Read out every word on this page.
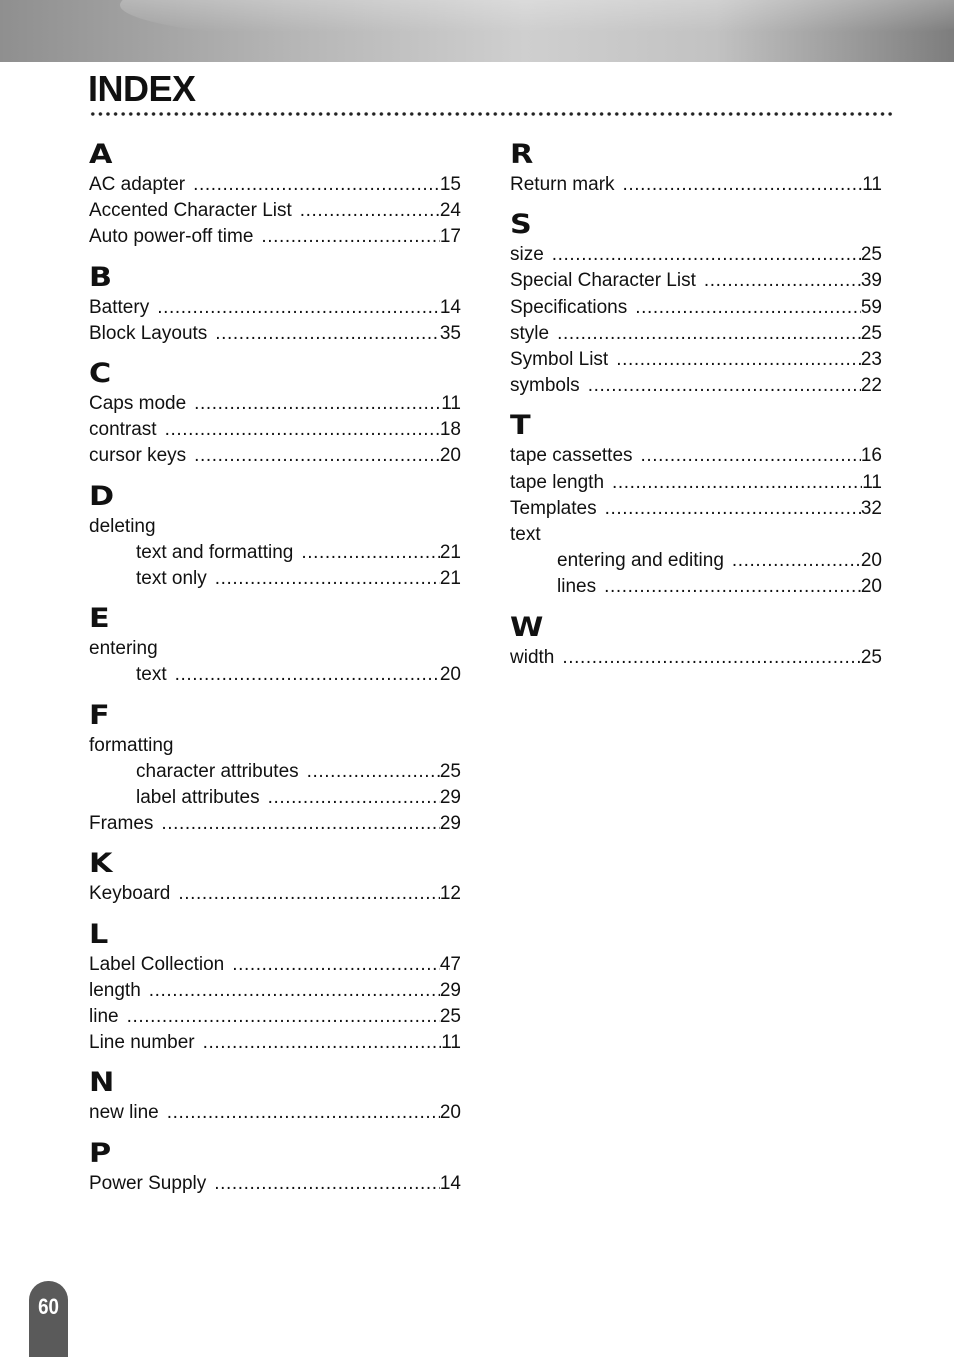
INDEX
A
AC adapter .....	15
Accented Character List .....	24
Auto power-off time .....	17
B
Battery .....	14
Block Layouts .....	35
C
Caps mode .....	11
contrast .....	18
cursor keys .....	20
D
deleting
text and formatting .....	21
text only .....	21
E
entering
text .....	20
F
formatting
character attributes .....	25
label attributes .....	29
Frames .....	29
K
Keyboard .....	12
L
Label Collection .....	47
length .....	29
line .....	25
Line number .....	11
N
new line .....	20
P
Power Supply .....	14
R
Return mark .....	11
S
size .....	25
Special Character List .....	39
Specifications .....	59
style .....	25
Symbol List .....	23
symbols .....	22
T
tape cassettes .....	16
tape length .....	11
Templates .....	32
text
entering and editing .....	20
lines .....	20
W
width .....	25
60
